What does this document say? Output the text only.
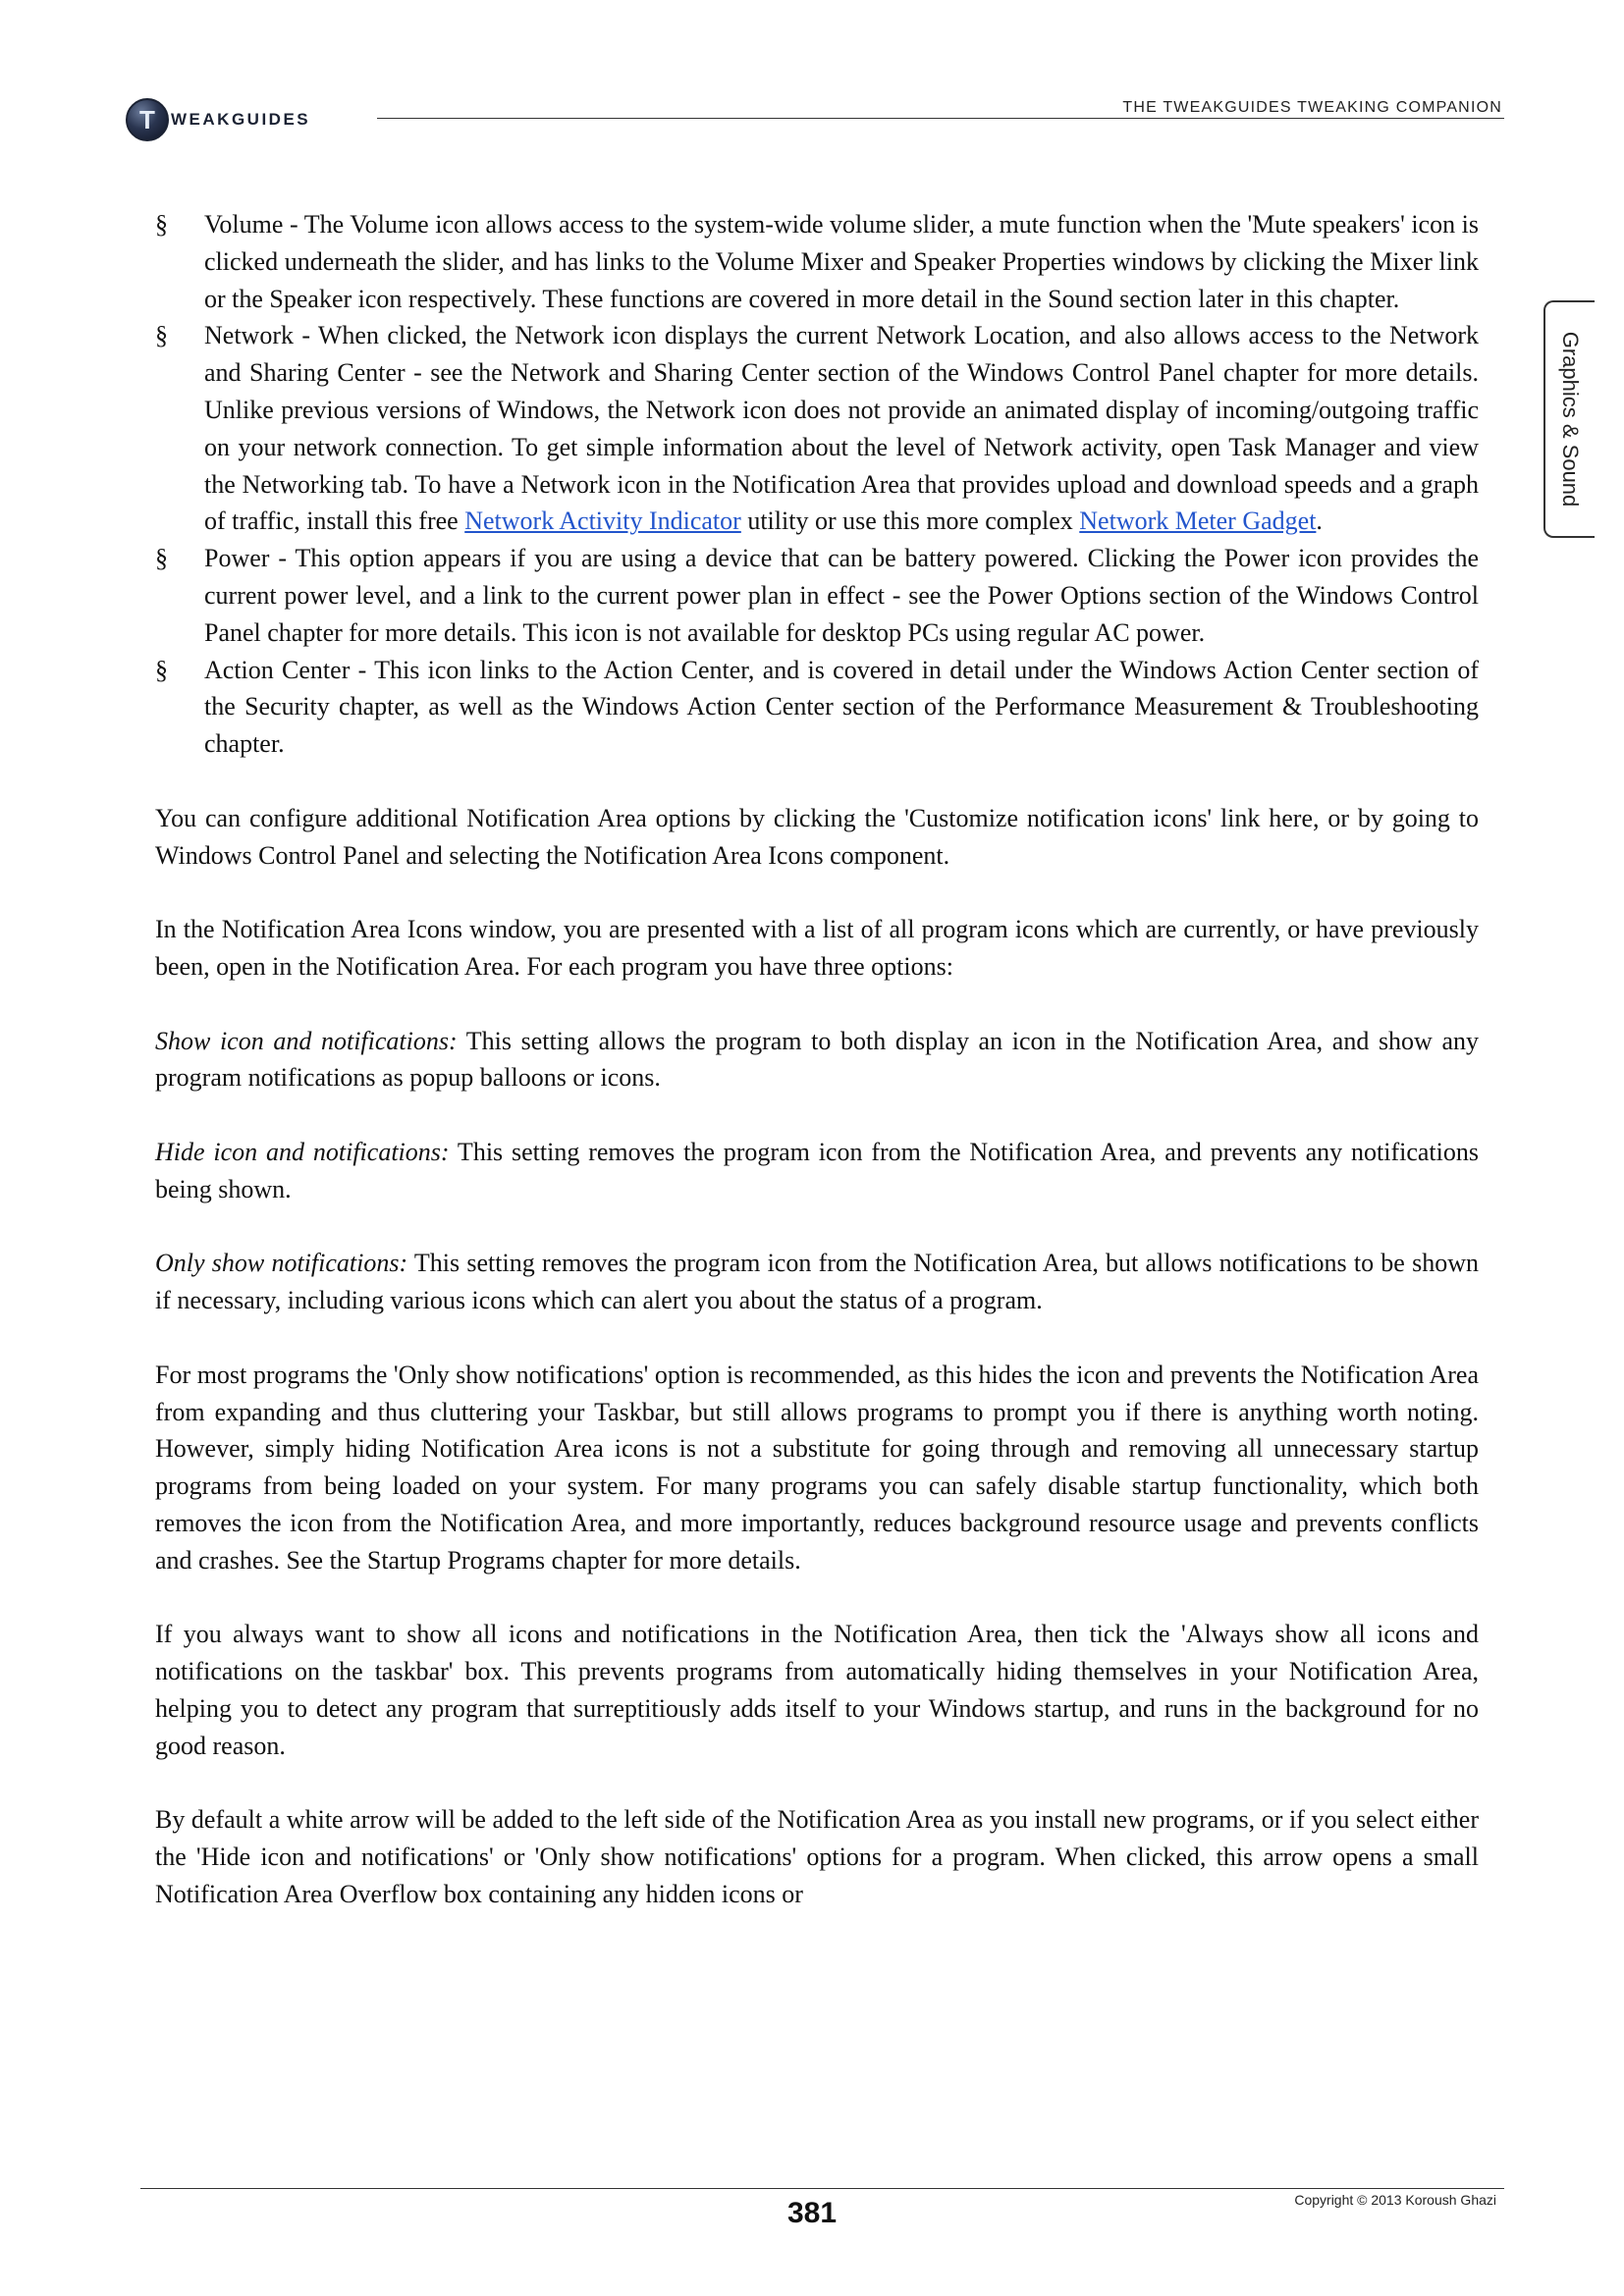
T WEAKGUIDES
THE TWEAKGUIDES TWEAKING COMPANION
Graphics & Sound
§ Volume - The Volume icon allows access to the system-wide volume slider, a mute function when the 'Mute speakers' icon is clicked underneath the slider, and has links to the Volume Mixer and Speaker Properties windows by clicking the Mixer link or the Speaker icon respectively. These functions are covered in more detail in the Sound section later in this chapter.
§ Network - When clicked, the Network icon displays the current Network Location, and also allows access to the Network and Sharing Center - see the Network and Sharing Center section of the Windows Control Panel chapter for more details. Unlike previous versions of Windows, the Network icon does not provide an animated display of incoming/outgoing traffic on your network connection. To get simple information about the level of Network activity, open Task Manager and view the Networking tab. To have a Network icon in the Notification Area that provides upload and download speeds and a graph of traffic, install this free Network Activity Indicator utility or use this more complex Network Meter Gadget.
§ Power - This option appears if you are using a device that can be battery powered. Clicking the Power icon provides the current power level, and a link to the current power plan in effect - see the Power Options section of the Windows Control Panel chapter for more details. This icon is not available for desktop PCs using regular AC power.
§ Action Center - This icon links to the Action Center, and is covered in detail under the Windows Action Center section of the Security chapter, as well as the Windows Action Center section of the Performance Measurement & Troubleshooting chapter.

You can configure additional Notification Area options by clicking the 'Customize notification icons' link here, or by going to Windows Control Panel and selecting the Notification Area Icons component.

In the Notification Area Icons window, you are presented with a list of all program icons which are currently, or have previously been, open in the Notification Area. For each program you have three options:

Show icon and notifications: This setting allows the program to both display an icon in the Notification Area, and show any program notifications as popup balloons or icons.

Hide icon and notifications: This setting removes the program icon from the Notification Area, and prevents any notifications being shown.

Only show notifications: This setting removes the program icon from the Notification Area, but allows notifications to be shown if necessary, including various icons which can alert you about the status of a program.

For most programs the 'Only show notifications' option is recommended, as this hides the icon and prevents the Notification Area from expanding and thus cluttering your Taskbar, but still allows programs to prompt you if there is anything worth noting. However, simply hiding Notification Area icons is not a substitute for going through and removing all unnecessary startup programs from being loaded on your system. For many programs you can safely disable startup functionality, which both removes the icon from the Notification Area, and more importantly, reduces background resource usage and prevents conflicts and crashes. See the Startup Programs chapter for more details.

If you always want to show all icons and notifications in the Notification Area, then tick the 'Always show all icons and notifications on the taskbar' box. This prevents programs from automatically hiding themselves in your Notification Area, helping you to detect any program that surreptitiously adds itself to your Windows startup, and runs in the background for no good reason.

By default a white arrow will be added to the left side of the Notification Area as you install new programs, or if you select either the 'Hide icon and notifications' or 'Only show notifications' options for a program. When clicked, this arrow opens a small Notification Area Overflow box containing any hidden icons or

381	Copyright © 2013 Koroush Ghazi
